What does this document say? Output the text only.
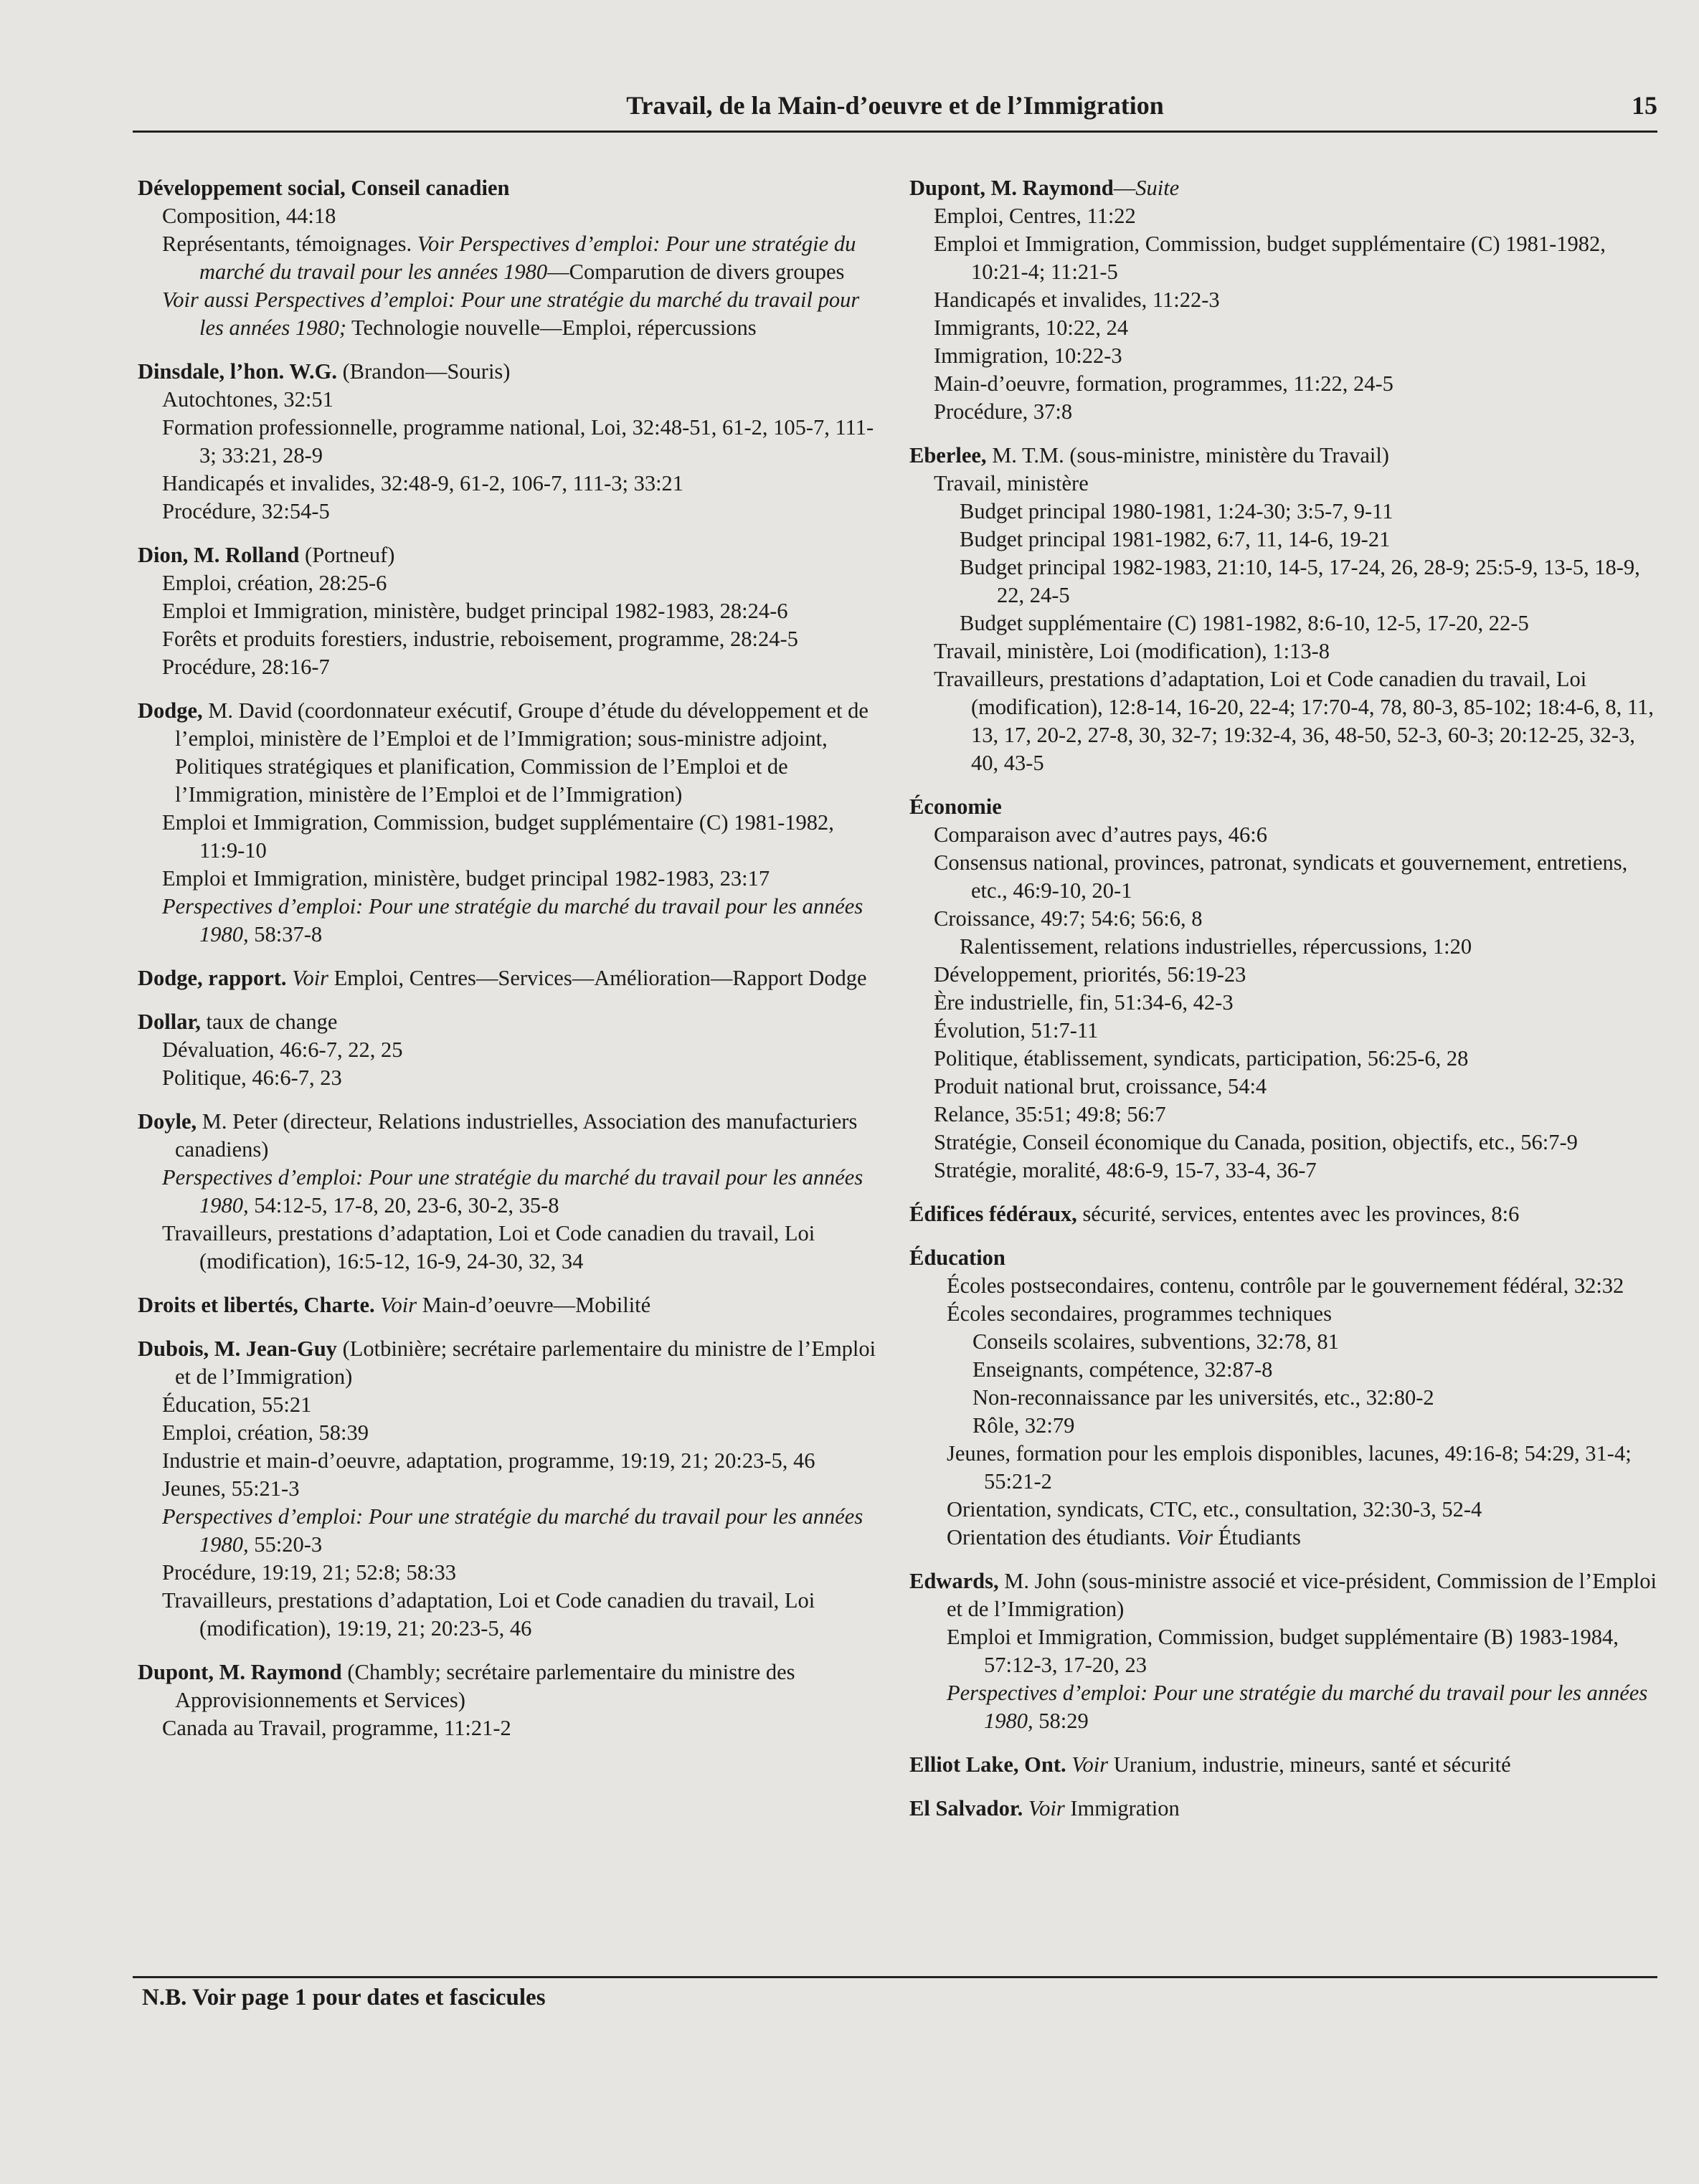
Travail, de la Main-d’oeuvre et de l’Immigration	15
Développement social, Conseil canadien
Composition, 44:18
Représentants, témoignages. Voir Perspectives d’emploi: Pour une stratégie du marché du travail pour les années 1980—Comparution de divers groupes
Voir aussi Perspectives d’emploi: Pour une stratégie du marché du travail pour les années 1980; Technologie nouvelle—Emploi, répercussions
Dinsdale, l’hon. W.G. (Brandon—Souris)
Autochtones, 32:51
Formation professionnelle, programme national, Loi, 32:48-51, 61-2, 105-7, 111-3; 33:21, 28-9
Handicapés et invalides, 32:48-9, 61-2, 106-7, 111-3; 33:21
Procédure, 32:54-5
Dion, M. Rolland (Portneuf)
Emploi, création, 28:25-6
Emploi et Immigration, ministère, budget principal 1982-1983, 28:24-6
Forêts et produits forestiers, industrie, reboisement, programme, 28:24-5
Procédure, 28:16-7
Dodge, M. David (coordonnateur exécutif, Groupe d’étude du développement et de l’emploi, ministère de l’Emploi et de l’Immigration; sous-ministre adjoint, Politiques stratégiques et planification, Commission de l’Emploi et de l’Immigration, ministère de l’Emploi et de l’Immigration)
Emploi et Immigration, Commission, budget supplémentaire (C) 1981-1982, 11:9-10
Emploi et Immigration, ministère, budget principal 1982-1983, 23:17
Perspectives d’emploi: Pour une stratégie du marché du travail pour les années 1980, 58:37-8
Dodge, rapport. Voir Emploi, Centres—Services—Amélioration—Rapport Dodge
Dollar, taux de change
Dévaluation, 46:6-7, 22, 25
Politique, 46:6-7, 23
Doyle, M. Peter (directeur, Relations industrielles, Association des manufacturiers canadiens)
Perspectives d’emploi: Pour une stratégie du marché du travail pour les années 1980, 54:12-5, 17-8, 20, 23-6, 30-2, 35-8
Travailleurs, prestations d’adaptation, Loi et Code canadien du travail, Loi (modification), 16:5-12, 16-9, 24-30, 32, 34
Droits et libertés, Charte. Voir Main-d’oeuvre—Mobilité
Dubois, M. Jean-Guy (Lotbinière; secrétaire parlementaire du ministre de l’Emploi et de l’Immigration)
Éducation, 55:21
Emploi, création, 58:39
Industrie et main-d’oeuvre, adaptation, programme, 19:19, 21; 20:23-5, 46
Jeunes, 55:21-3
Perspectives d’emploi: Pour une stratégie du marché du travail pour les années 1980, 55:20-3
Procédure, 19:19, 21; 52:8; 58:33
Travailleurs, prestations d’adaptation, Loi et Code canadien du travail, Loi (modification), 19:19, 21; 20:23-5, 46
Dupont, M. Raymond (Chambly; secrétaire parlementaire du ministre des Approvisionnements et Services)
Canada au Travail, programme, 11:21-2
Dupont, M. Raymond—Suite
Emploi, Centres, 11:22
Emploi et Immigration, Commission, budget supplémentaire (C) 1981-1982, 10:21-4; 11:21-5
Handicapés et invalides, 11:22-3
Immigrants, 10:22, 24
Immigration, 10:22-3
Main-d’oeuvre, formation, programmes, 11:22, 24-5
Procédure, 37:8
Eberlee, M. T.M. (sous-ministre, ministère du Travail)
Travail, ministère
Budget principal 1980-1981, 1:24-30; 3:5-7, 9-11
Budget principal 1981-1982, 6:7, 11, 14-6, 19-21
Budget principal 1982-1983, 21:10, 14-5, 17-24, 26, 28-9; 25:5-9, 13-5, 18-9, 22, 24-5
Budget supplémentaire (C) 1981-1982, 8:6-10, 12-5, 17-20, 22-5
Travail, ministère, Loi (modification), 1:13-8
Travailleurs, prestations d’adaptation, Loi et Code canadien du travail, Loi (modification), 12:8-14, 16-20, 22-4; 17:70-4, 78, 80-3, 85-102; 18:4-6, 8, 11, 13, 17, 20-2, 27-8, 30, 32-7; 19:32-4, 36, 48-50, 52-3, 60-3; 20:12-25, 32-3, 40, 43-5
Économie
Comparaison avec d’autres pays, 46:6
Consensus national, provinces, patronat, syndicats et gouvernement, entretiens, etc., 46:9-10, 20-1
Croissance, 49:7; 54:6; 56:6, 8
Ralentissement, relations industrielles, répercussions, 1:20
Développement, priorités, 56:19-23
Ère industrielle, fin, 51:34-6, 42-3
Évolution, 51:7-11
Politique, établissement, syndicats, participation, 56:25-6, 28
Produit national brut, croissance, 54:4
Relance, 35:51; 49:8; 56:7
Stratégie, Conseil économique du Canada, position, objectifs, etc., 56:7-9
Stratégie, moralité, 48:6-9, 15-7, 33-4, 36-7
Édifices fédéraux, sécurité, services, ententes avec les provinces, 8:6
Éducation
Écoles postsecondaires, contenu, contrôle par le gouvernement fédéral, 32:32
Écoles secondaires, programmes techniques
Conseils scolaires, subventions, 32:78, 81
Enseignants, compétence, 32:87-8
Non-reconnaissance par les universités, etc., 32:80-2
Rôle, 32:79
Jeunes, formation pour les emplois disponibles, lacunes, 49:16-8; 54:29, 31-4; 55:21-2
Orientation, syndicats, CTC, etc., consultation, 32:30-3, 52-4
Orientation des étudiants. Voir Étudiants
Edwards, M. John (sous-ministre associé et vice-président, Commission de l’Emploi et de l’Immigration)
Emploi et Immigration, Commission, budget supplémentaire (B) 1983-1984, 57:12-3, 17-20, 23
Perspectives d’emploi: Pour une stratégie du marché du travail pour les années 1980, 58:29
Elliot Lake, Ont. Voir Uranium, industrie, mineurs, santé et sécurité
El Salvador. Voir Immigration
N.B. Voir page 1 pour dates et fascicules
